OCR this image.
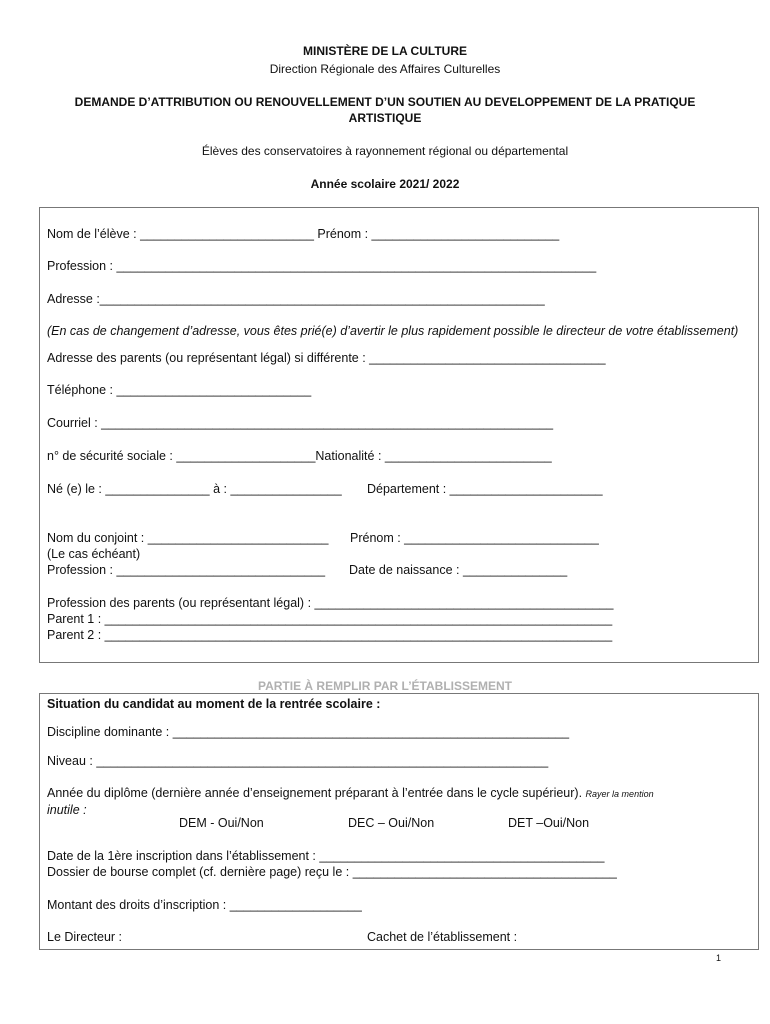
MINISTÈRE DE LA CULTURE
Direction Régionale des Affaires Culturelles
DEMANDE D’ATTRIBUTION OU RENOUVELLEMENT D’UN SOUTIEN AU DEVELOPPEMENT DE LA PRATIQUE
ARTISTIQUE
Élèves des conservatoires à rayonnement régional ou départemental
Année scolaire 2021/ 2022
Nom de l’élève : _________________________ Prénom : ___________________________
Profession : _____________________________________________________________________
Adresse :________________________________________________________________
(En cas de changement d’adresse, vous êtes prié(e) d’avertir le plus rapidement possible le directeur de votre établissement)
Adresse des parents (ou représentant légal) si différente : __________________________________
Téléphone : ____________________________
Courriel : _________________________________________________________________
n° de sécurité sociale : ____________________Nationalité : ________________________
Né (e) le : _______________ à : ________________ Département : ______________________
Nom du conjoint : __________________________ Prénom : ____________________________
(Le cas échéant)
Profession : ______________________________ Date de naissance : _______________
Profession des parents (ou représentant légal) : ___________________________________________
Parent 1 : _________________________________________________________________________
Parent 2 : _________________________________________________________________________
PARTIE À REMPLIR PAR L’ÉTABLISSEMENT
Situation du candidat au moment de la rentrée scolaire :
Discipline dominante : _________________________________________________________
Niveau : _________________________________________________________________
Année du diplôme (dernière année d’enseignement préparant à l’entrée dans le cycle supérieur). Rayer la mention
inutile :
DEM - Oui/Non	DEC – Oui/Non	DET –Oui/Non
Date de la 1ère inscription dans l’établissement : _________________________________________
Dossier de bourse complet (cf. dernière page) reçu le : ______________________________________
Montant des droits d’inscription : ___________________
Le Directeur :	Cachet de l’établissement :
1
